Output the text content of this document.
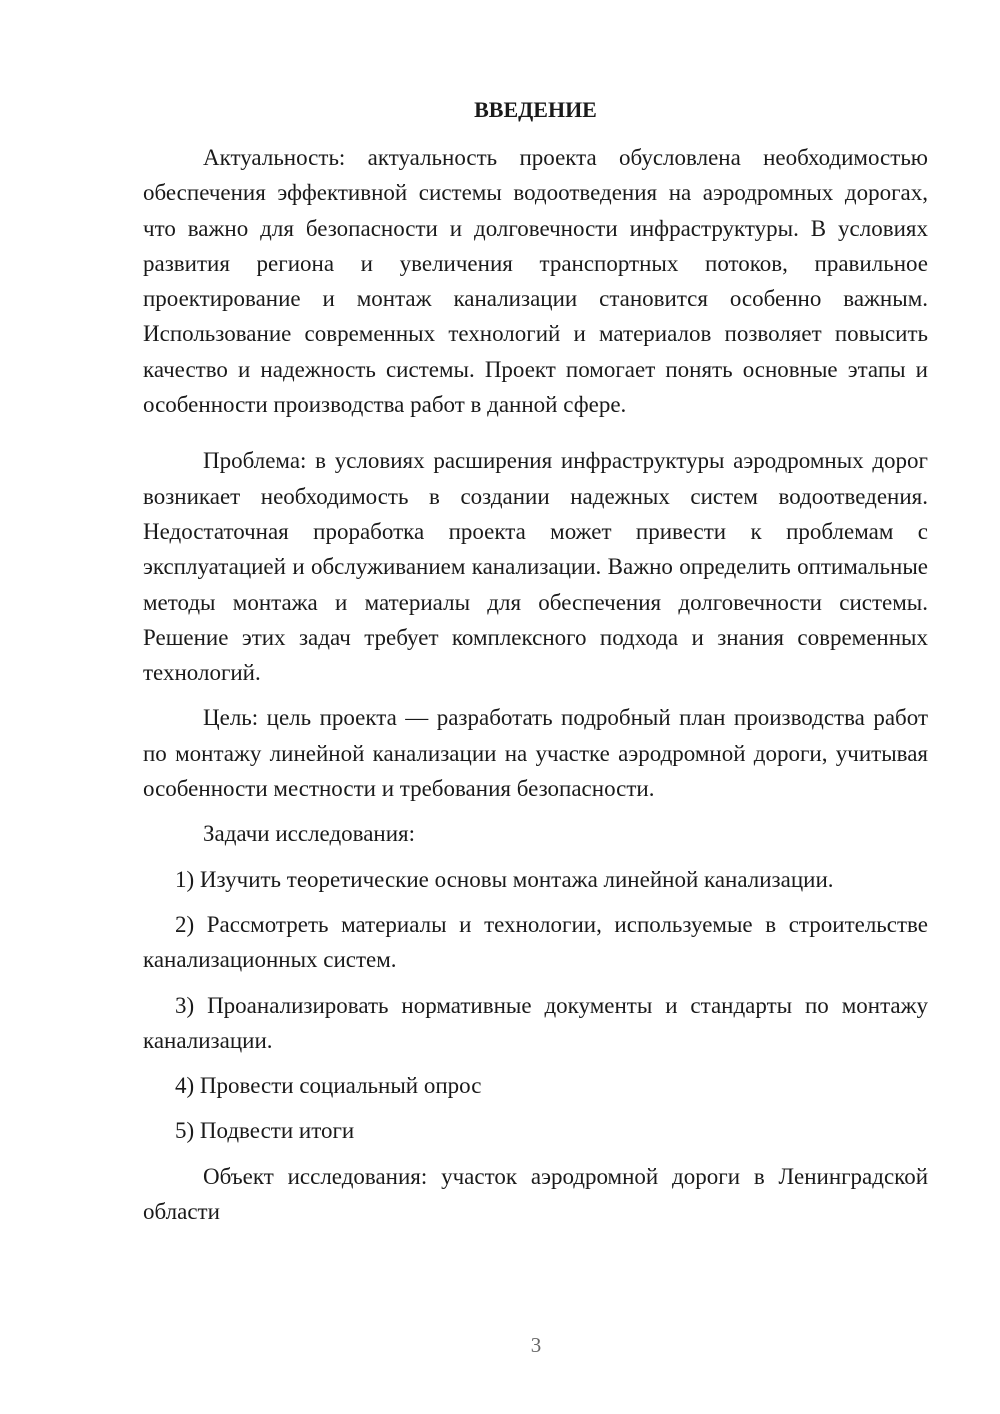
ВВЕДЕНИЕ

Актуальность: актуальность проекта обусловлена необходимостью обеспечения эффективной системы водоотведения на аэродромных дорогах, что важно для безопасности и долговечности инфраструктуры. В условиях развития региона и увеличения транспортных потоков, правильное проектирование и монтаж канализации становится особенно важным. Использование современных технологий и материалов позволяет повысить качество и надежность системы. Проект помогает понять основные этапы и особенности производства работ в данной сфере.

Проблема: в условиях расширения инфраструктуры аэродромных дорог возникает необходимость в создании надежных систем водоотведения. Недостаточная проработка проекта может привести к проблемам с эксплуатацией и обслуживанием канализации. Важно определить оптимальные методы монтажа и материалы для обеспечения долговечности системы. Решение этих задач требует комплексного подхода и знания современных технологий.

Цель: цель проекта — разработать подробный план производства работ по монтажу линейной канализации на участке аэродромной дороги, учитывая особенности местности и требования безопасности.

Задачи исследования:

1) Изучить теоретические основы монтажа линейной канализации.

2) Рассмотреть материалы и технологии, используемые в строительстве канализационных систем.

3) Проанализировать нормативные документы и стандарты по монтажу канализации.

4) Провести социальный опрос

5) Подвести итоги

Объект исследования: участок аэродромной дороги в Ленинградской области

3
